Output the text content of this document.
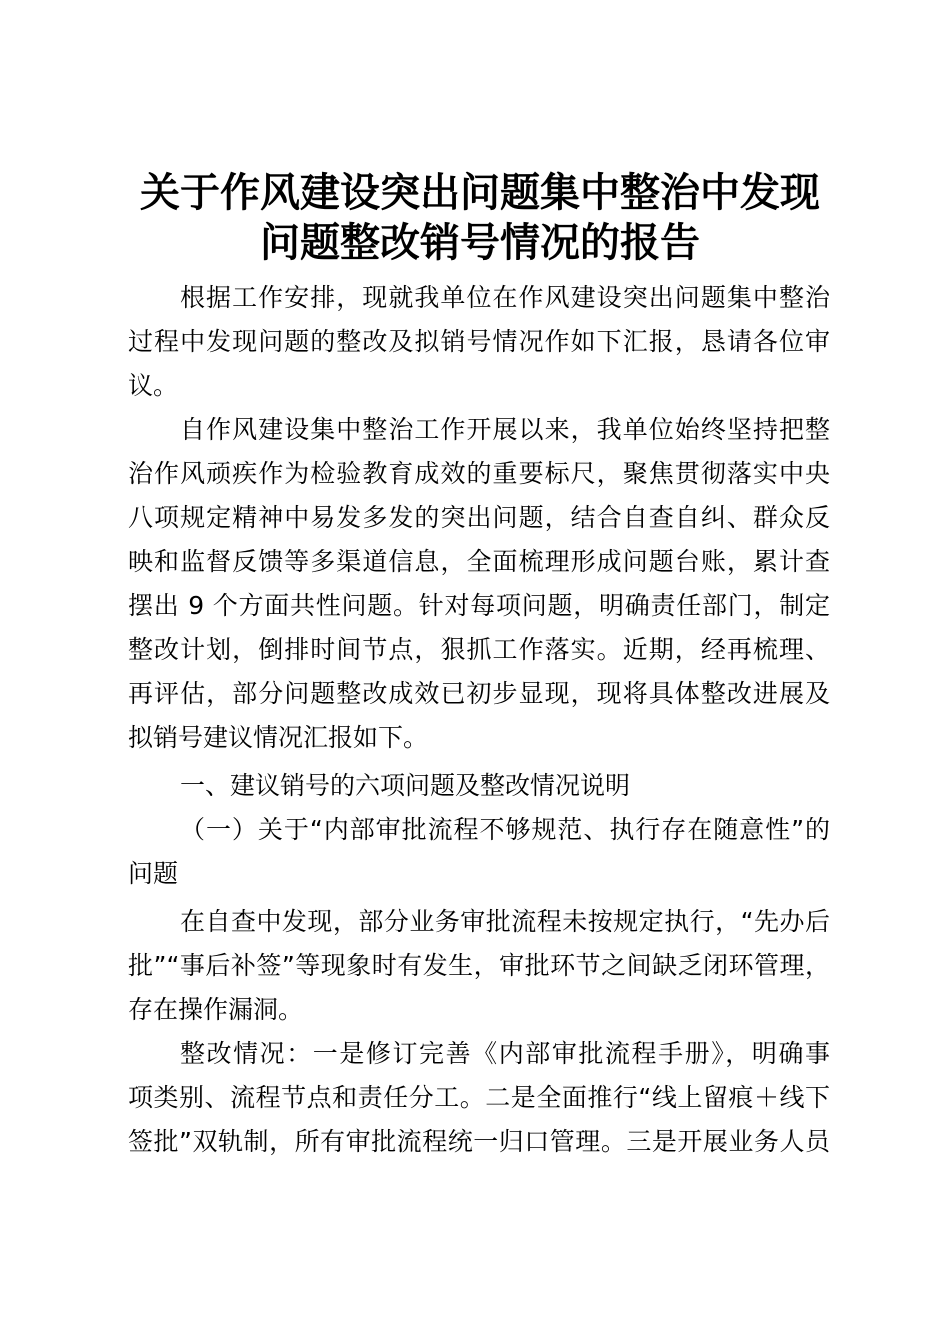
关于作风建设突出问题集中整治中发现
问题整改销号情况的报告
根据工作安排，现就我单位在作风建设突出问题集中整治
过程中发现问题的整改及拟销号情况作如下汇报，恳请各位审
议。
自作风建设集中整治工作开展以来，我单位始终坚持把整
治作风顽疾作为检验教育成效的重要标尺，聚焦贯彻落实中央
八项规定精神中易发多发的突出问题，结合自查自纠、群众反
映和监督反馈等多渠道信息，全面梳理形成问题台账，累计查
摆出 9 个方面共性问题。针对每项问题，明确责任部门，制定
整改计划，倒排时间节点，狠抓工作落实。近期，经再梳理、
再评估，部分问题整改成效已初步显现，现将具体整改进展及
拟销号建议情况汇报如下。
一、建议销号的六项问题及整改情况说明
（一）关于“内部审批流程不够规范、执行存在随意性”的
问题
在自查中发现，部分业务审批流程未按规定执行，“先办后
批”“事后补签”等现象时有发生，审批环节之间缺乏闭环管理，
存在操作漏洞。
整改情况：一是修订完善《内部审批流程手册》，明确事
项类别、流程节点和责任分工。二是全面推行“线上留痕＋线下
签批”双轨制，所有审批流程统一归口管理。三是开展业务人员
